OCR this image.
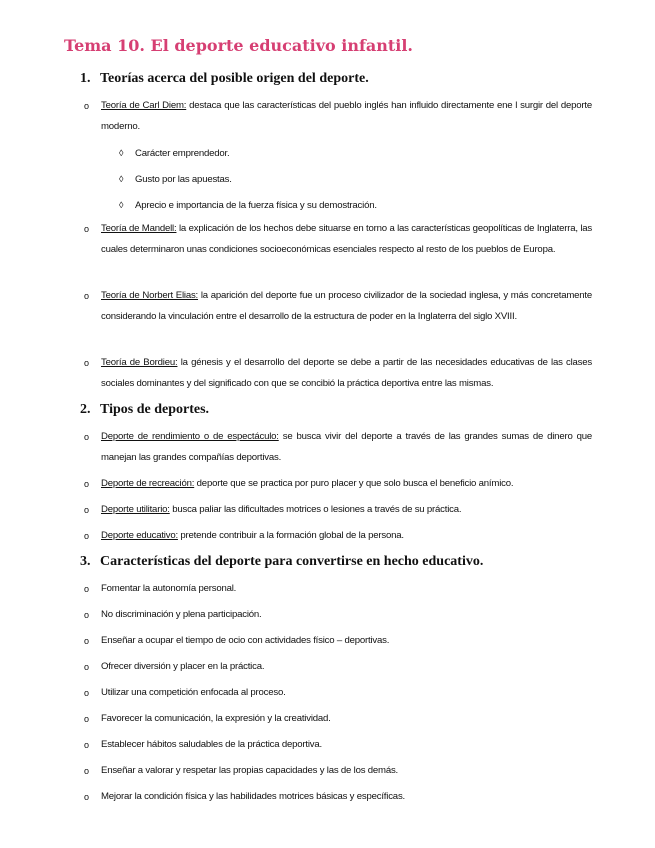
Tema 10. El deporte educativo infantil.
1. Teorías acerca del posible origen del deporte.
o Teoría de Carl Diem: destaca que las características del pueblo inglés han influido directamente ene l surgir del deporte moderno.
◊ Carácter emprendedor.
◊ Gusto por las apuestas.
◊ Aprecio e importancia de la fuerza física y su demostración.
o Teoría de Mandell: la explicación de los hechos debe situarse en torno a las características geopolíticas de Inglaterra, las cuales determinaron unas condiciones socioeconómicas esenciales respecto al resto de los pueblos de Europa.
o Teoría de Norbert Elias: la aparición del deporte fue un proceso civilizador de la sociedad inglesa, y más concretamente considerando la vinculación entre el desarrollo de la estructura de poder en la Inglaterra del siglo XVIII.
o Teoría de Bordieu: la génesis y el desarrollo del deporte se debe a partir de las necesidades educativas de las clases sociales dominantes y del significado con que se concibió la práctica deportiva entre las mismas.
2. Tipos de deportes.
o Deporte de rendimiento o de espectáculo: se busca vivir del deporte a través de las grandes sumas de dinero que manejan las grandes compañías deportivas.
o Deporte de recreación: deporte que se practica por puro placer y que solo busca el beneficio anímico.
o Deporte utilitario: busca paliar las dificultades motrices o lesiones a través de su práctica.
o Deporte educativo: pretende contribuir a la formación global de la persona.
3. Características del deporte para convertirse en hecho educativo.
o Fomentar la autonomía personal.
o No discriminación y plena participación.
o Enseñar a ocupar el tiempo de ocio con actividades físico – deportivas.
o Ofrecer diversión y placer en la práctica.
o Utilizar una competición enfocada al proceso.
o Favorecer la comunicación, la expresión y la creatividad.
o Establecer hábitos saludables de la práctica deportiva.
o Enseñar a valorar y respetar las propias capacidades y las de los demás.
o Mejorar la condición física y las habilidades motrices básicas y específicas.
